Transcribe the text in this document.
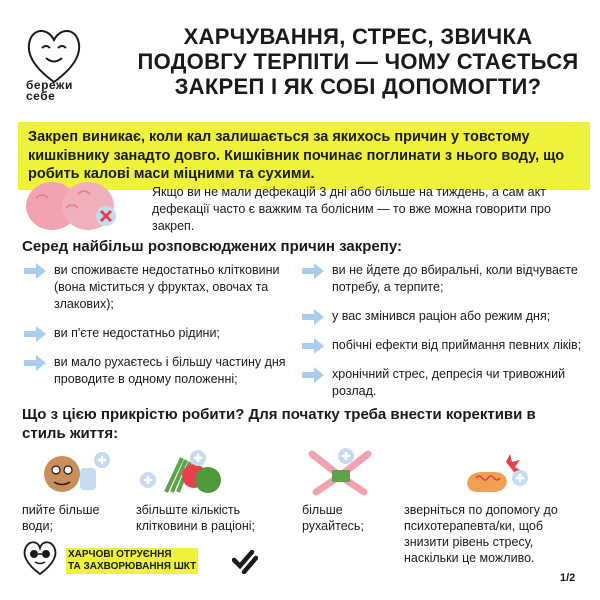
бережи
себе
ХАРЧУВАННЯ, СТРЕС, ЗВИЧКА ПОДОВГУ ТЕРПІТИ — ЧОМУ СТАЄТЬСЯ ЗАКРЕП І ЯК СОБІ ДОПОМОГТИ?
Закреп виникає, коли кал залишається за якихось причин у товстому кишківнику занадто довго. Кишківник починає поглинати з нього воду, що робить калові маси міцними та сухими.
Якщо ви не мали дефекацій 3 дні або більше на тиждень, а сам акт дефекації часто є важким та болісним — то вже можна говорити про закреп.
Серед найбільш розповсюджених причин закрепу:
ви споживаєте недостатньо клітковини (вона міститься у фруктах, овочах та злакових);
ви п'єте недостатньо рідини;
ви мало рухаєтесь і більшу частину дня проводите в одному положенні;
ви не йдете до вбиральні, коли відчуваєте потребу, а терпите;
у вас змінився раціон або режим дня;
побічні ефекти від приймання певних ліків;
хронічний стрес, депресія чи тривожний розлад.
Що з цією прикрістю робити? Для початку треба внести корективи в стиль життя:
пийте більше води;
збільште кількість клітковини в раціоні;
більше рухайтесь;
зверніться по допомогу до психотерапевта/ки, щоб знизити рівень стресу, наскільки це можливо.
ХАРЧОВІ ОТРУЄННЯ
ТА ЗАХВОРЮВАННЯ ШКТ
1/2
